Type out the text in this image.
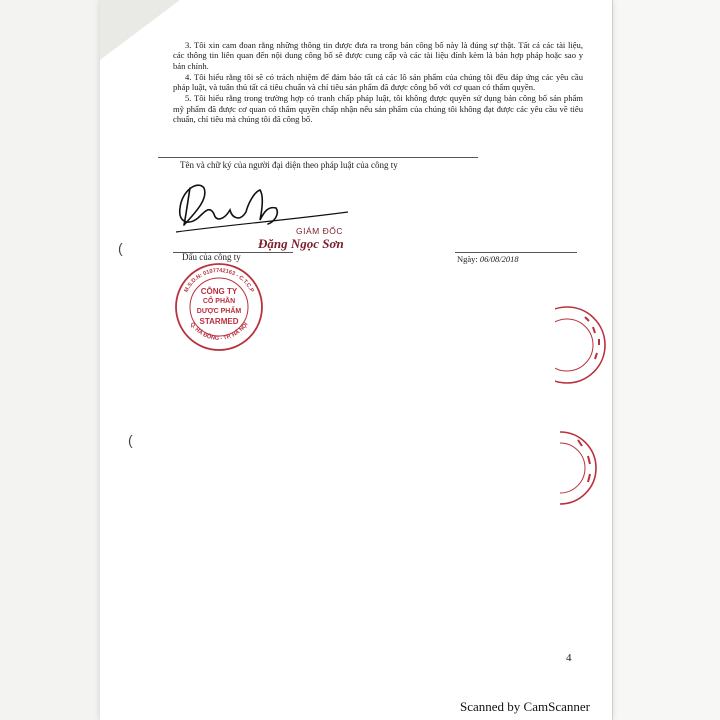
3. Tôi xin cam đoan rằng những thông tin được đưa ra trong bản công bố này là đúng sự thật. Tất cả các tài liệu, các thông tin liên quan đến nội dung công bố sẽ được cung cấp và các tài liệu đính kèm là bản hợp pháp hoặc sao y bản chính.

4. Tôi hiểu rằng tôi sẽ có trách nhiệm để đảm bảo tất cả các lô sản phẩm của chúng tôi đều đáp ứng các yêu cầu pháp luật, và tuân thủ tất cả tiêu chuẩn và chỉ tiêu sản phẩm đã được công bố với cơ quan có thẩm quyền.

5. Tôi hiểu rằng trong trường hợp có tranh chấp pháp luật, tôi không được quyền sử dụng bản công bố sản phẩm mỹ phẩm đã được cơ quan có thẩm quyền chấp nhận nếu sản phẩm của chúng tôi không đạt được các yêu cầu về tiêu chuẩn, chỉ tiêu mà chúng tôi đã công bố.

Tên và chữ ký của người đại diện theo pháp luật của công ty
GIÁM ĐỐC
Đặng Ngọc Sơn
Dấu của công ty	Ngày: 06/08/2018
M.S.D.N: 0107742163 - C.T.C.P
Q. HÀ ĐÔNG - TP. HÀ NỘI
CÔNG TY
CỔ PHẦN
DƯỢC PHẨM
STARMED
(
(
4
Scanned by CamScanner
